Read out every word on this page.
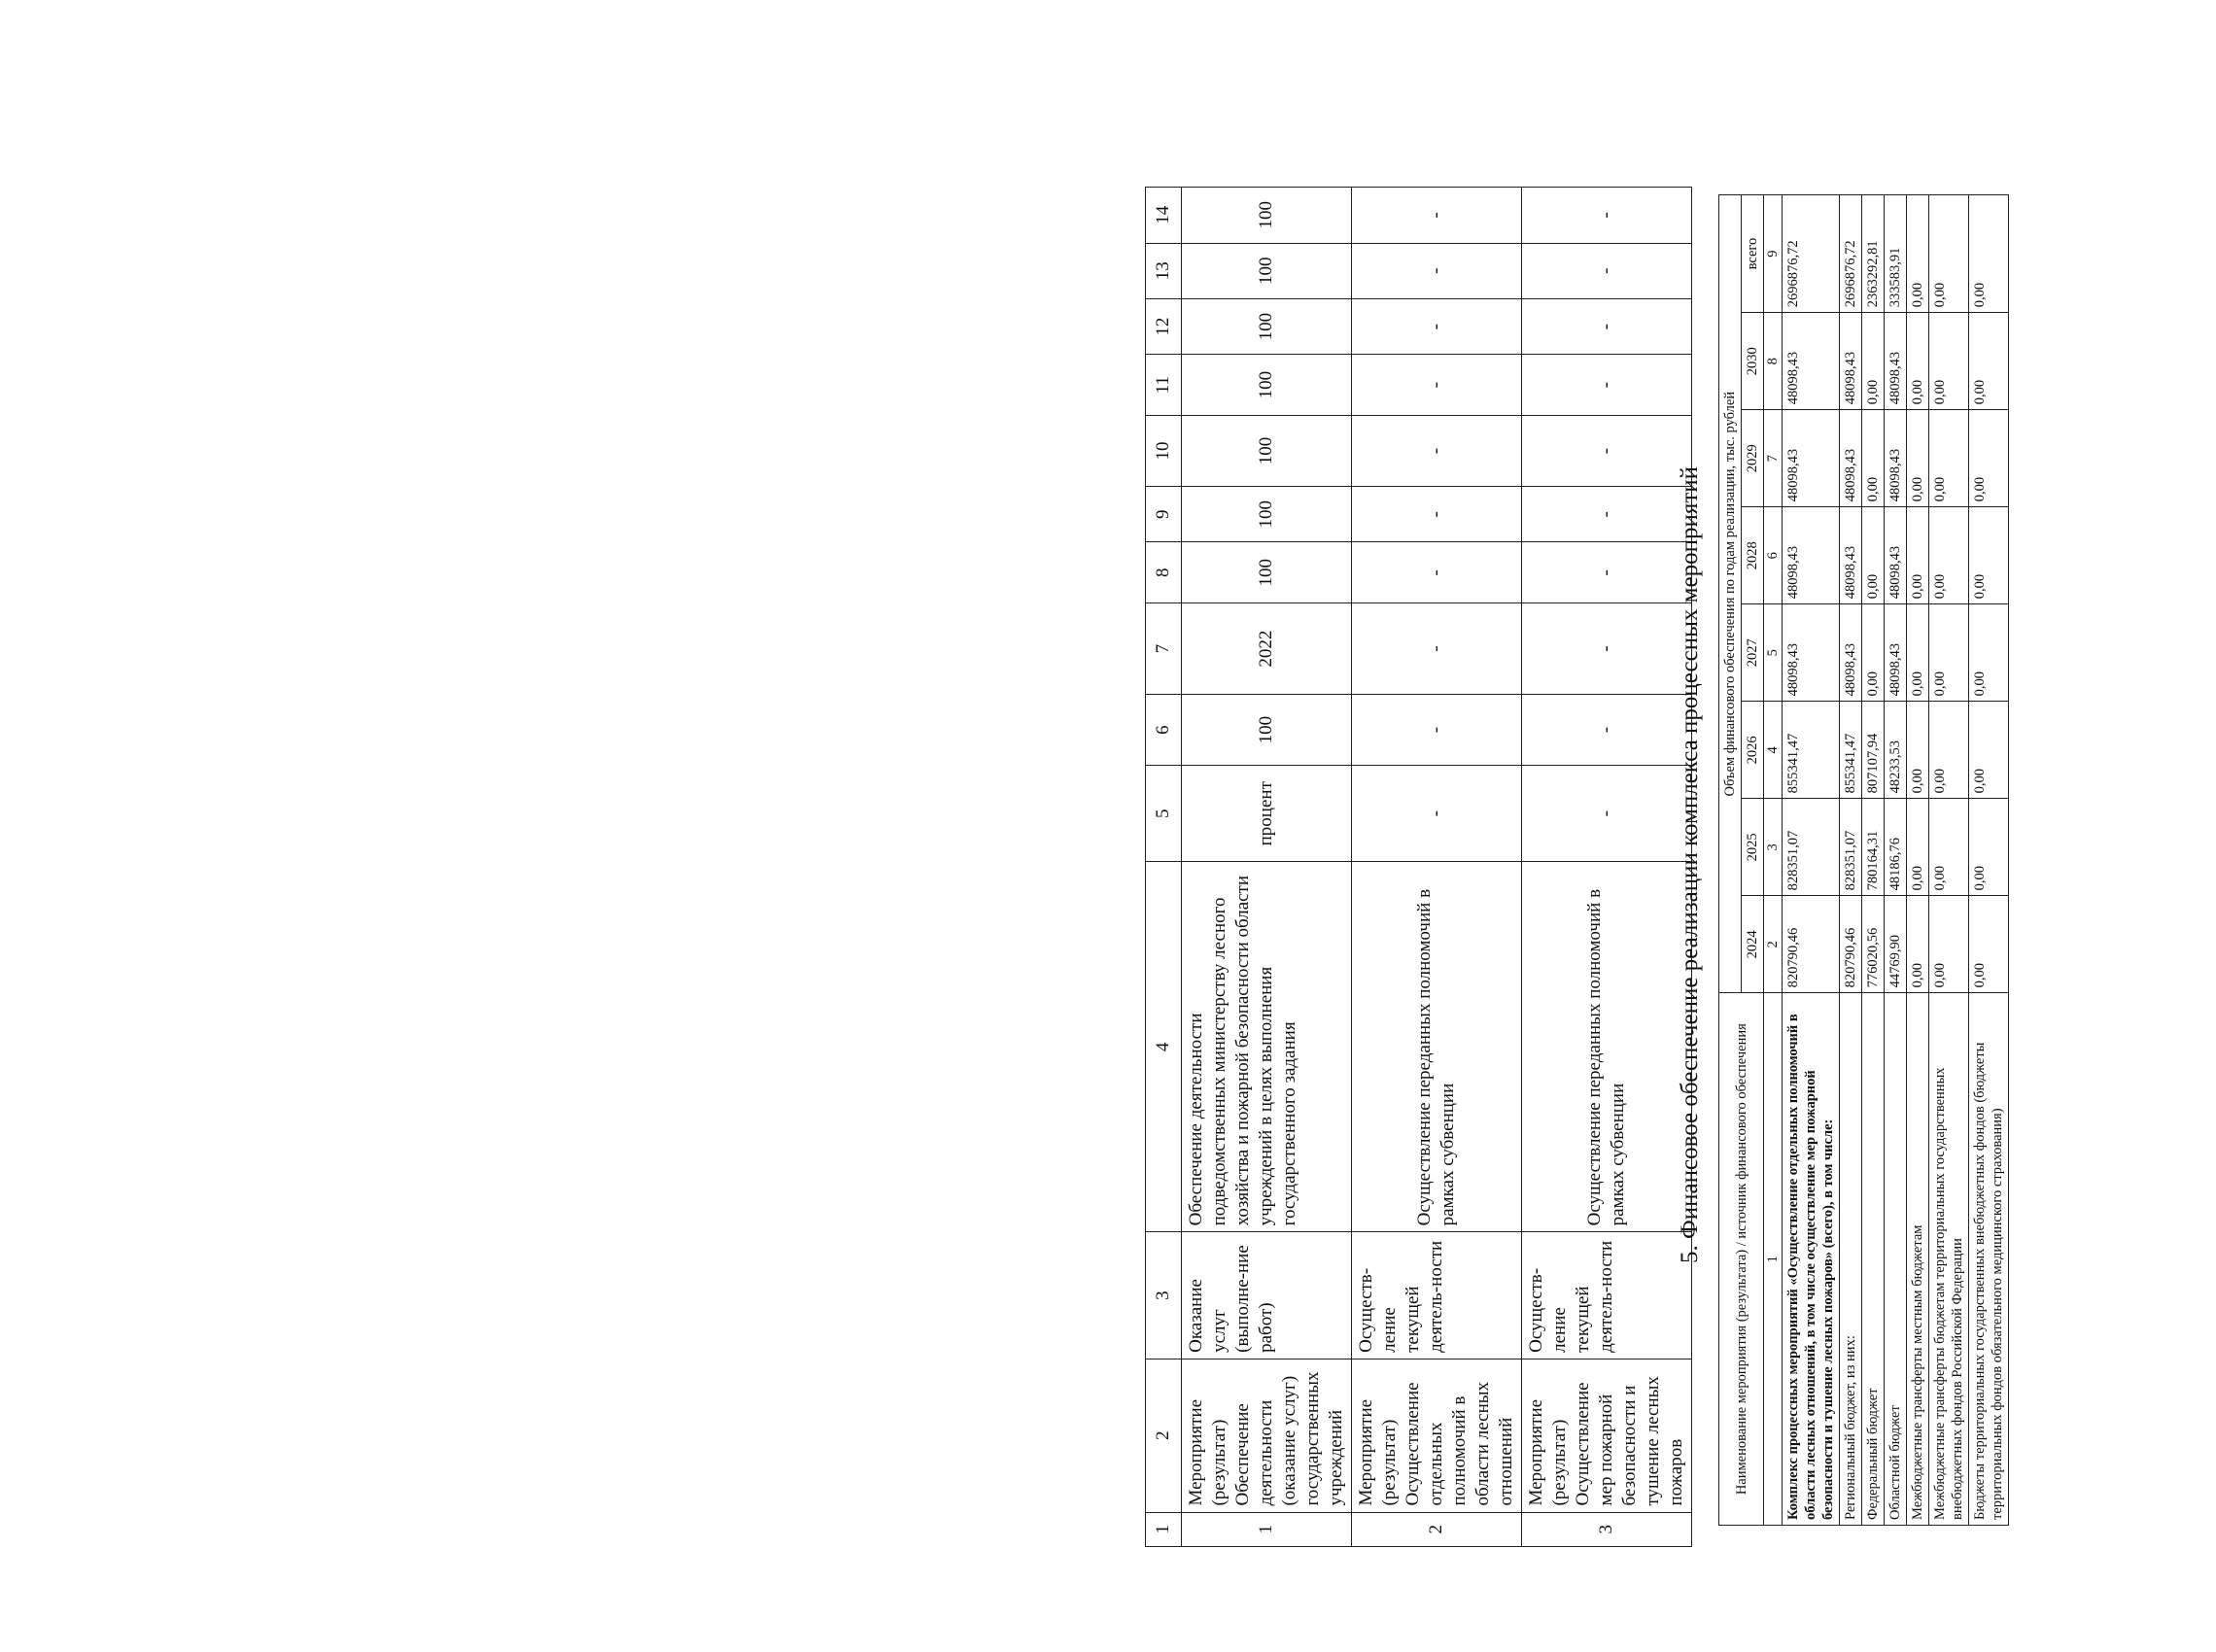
1	2	3	4	5	6	7	8	9	10	11	12	13	14
1	Мероприятие (результат) Обеспечение деятельности (оказание услуг) государственных учреждений	Оказание услуг (выполне-ние работ)	Обеспечение деятельности подведомственных министерству лесного хозяйства и пожарной безопасности области учреждений в целях выполнения государственного задания	процент	100	2022	100	100	100	100	100	100	100
2	Мероприятие (результат) Осуществление отдельных полномочий в области лесных отношений	Осуществ-ление текущей деятель-ности	Осуществление переданных полномочий в рамках субвенции	-	-	-	-	-	-	-	-	-	-
3	Мероприятие (результат) Осуществление мер пожарной безопасности и тушение лесных пожаров	Осуществ-ление текущей деятель-ности	Осуществление переданных полномочий в рамках субвенции	-	-	-	-	-	-	-	-	-	-
5. Финансовое обеспечение реализации комплекса процессных мероприятий Наименование мероприятия (результата) / источник финансового обеспечения	Объем финансового обеспечения по годам реализации, тыс. рублей							
	2024	2025	2026	2027	2028	2029	2030	всего
1	2	3	4	5	6	7	8	9
Комплекс процессных мероприятий «Осуществление отдельных полномочий в области лесных отношений, в том числе осуществление мер пожарной безопасности и тушение лесных пожаров» (всего), в том числе:	820790,46	828351,07	855341,47	48098,43	48098,43	48098,43	48098,43	2696876,72
Региональный бюджет, из них:	820790,46	828351,07	855341,47	48098,43	48098,43	48098,43	48098,43	2696876,72
Федеральный бюджет	776020,56	780164,31	807107,94	0,00	0,00	0,00	0,00	2363292,81
Областной бюджет	44769,90	48186,76	48233,53	48098,43	48098,43	48098,43	48098,43	333583,91
Межбюджетные трансферты местным бюджетам	0,00	0,00	0,00	0,00	0,00	0,00	0,00	0,00
Межбюджетные трансферты бюджетам территориальных государственных внебюджетных фондов Российской Федерации	0,00	0,00	0,00	0,00	0,00	0,00	0,00	0,00
Бюджеты территориальных государственных внебюджетных фондов (бюджеты территориальных фондов обязательного медицинского страхования)	0,00	0,00	0,00	0,00	0,00	0,00	0,00	0,00
